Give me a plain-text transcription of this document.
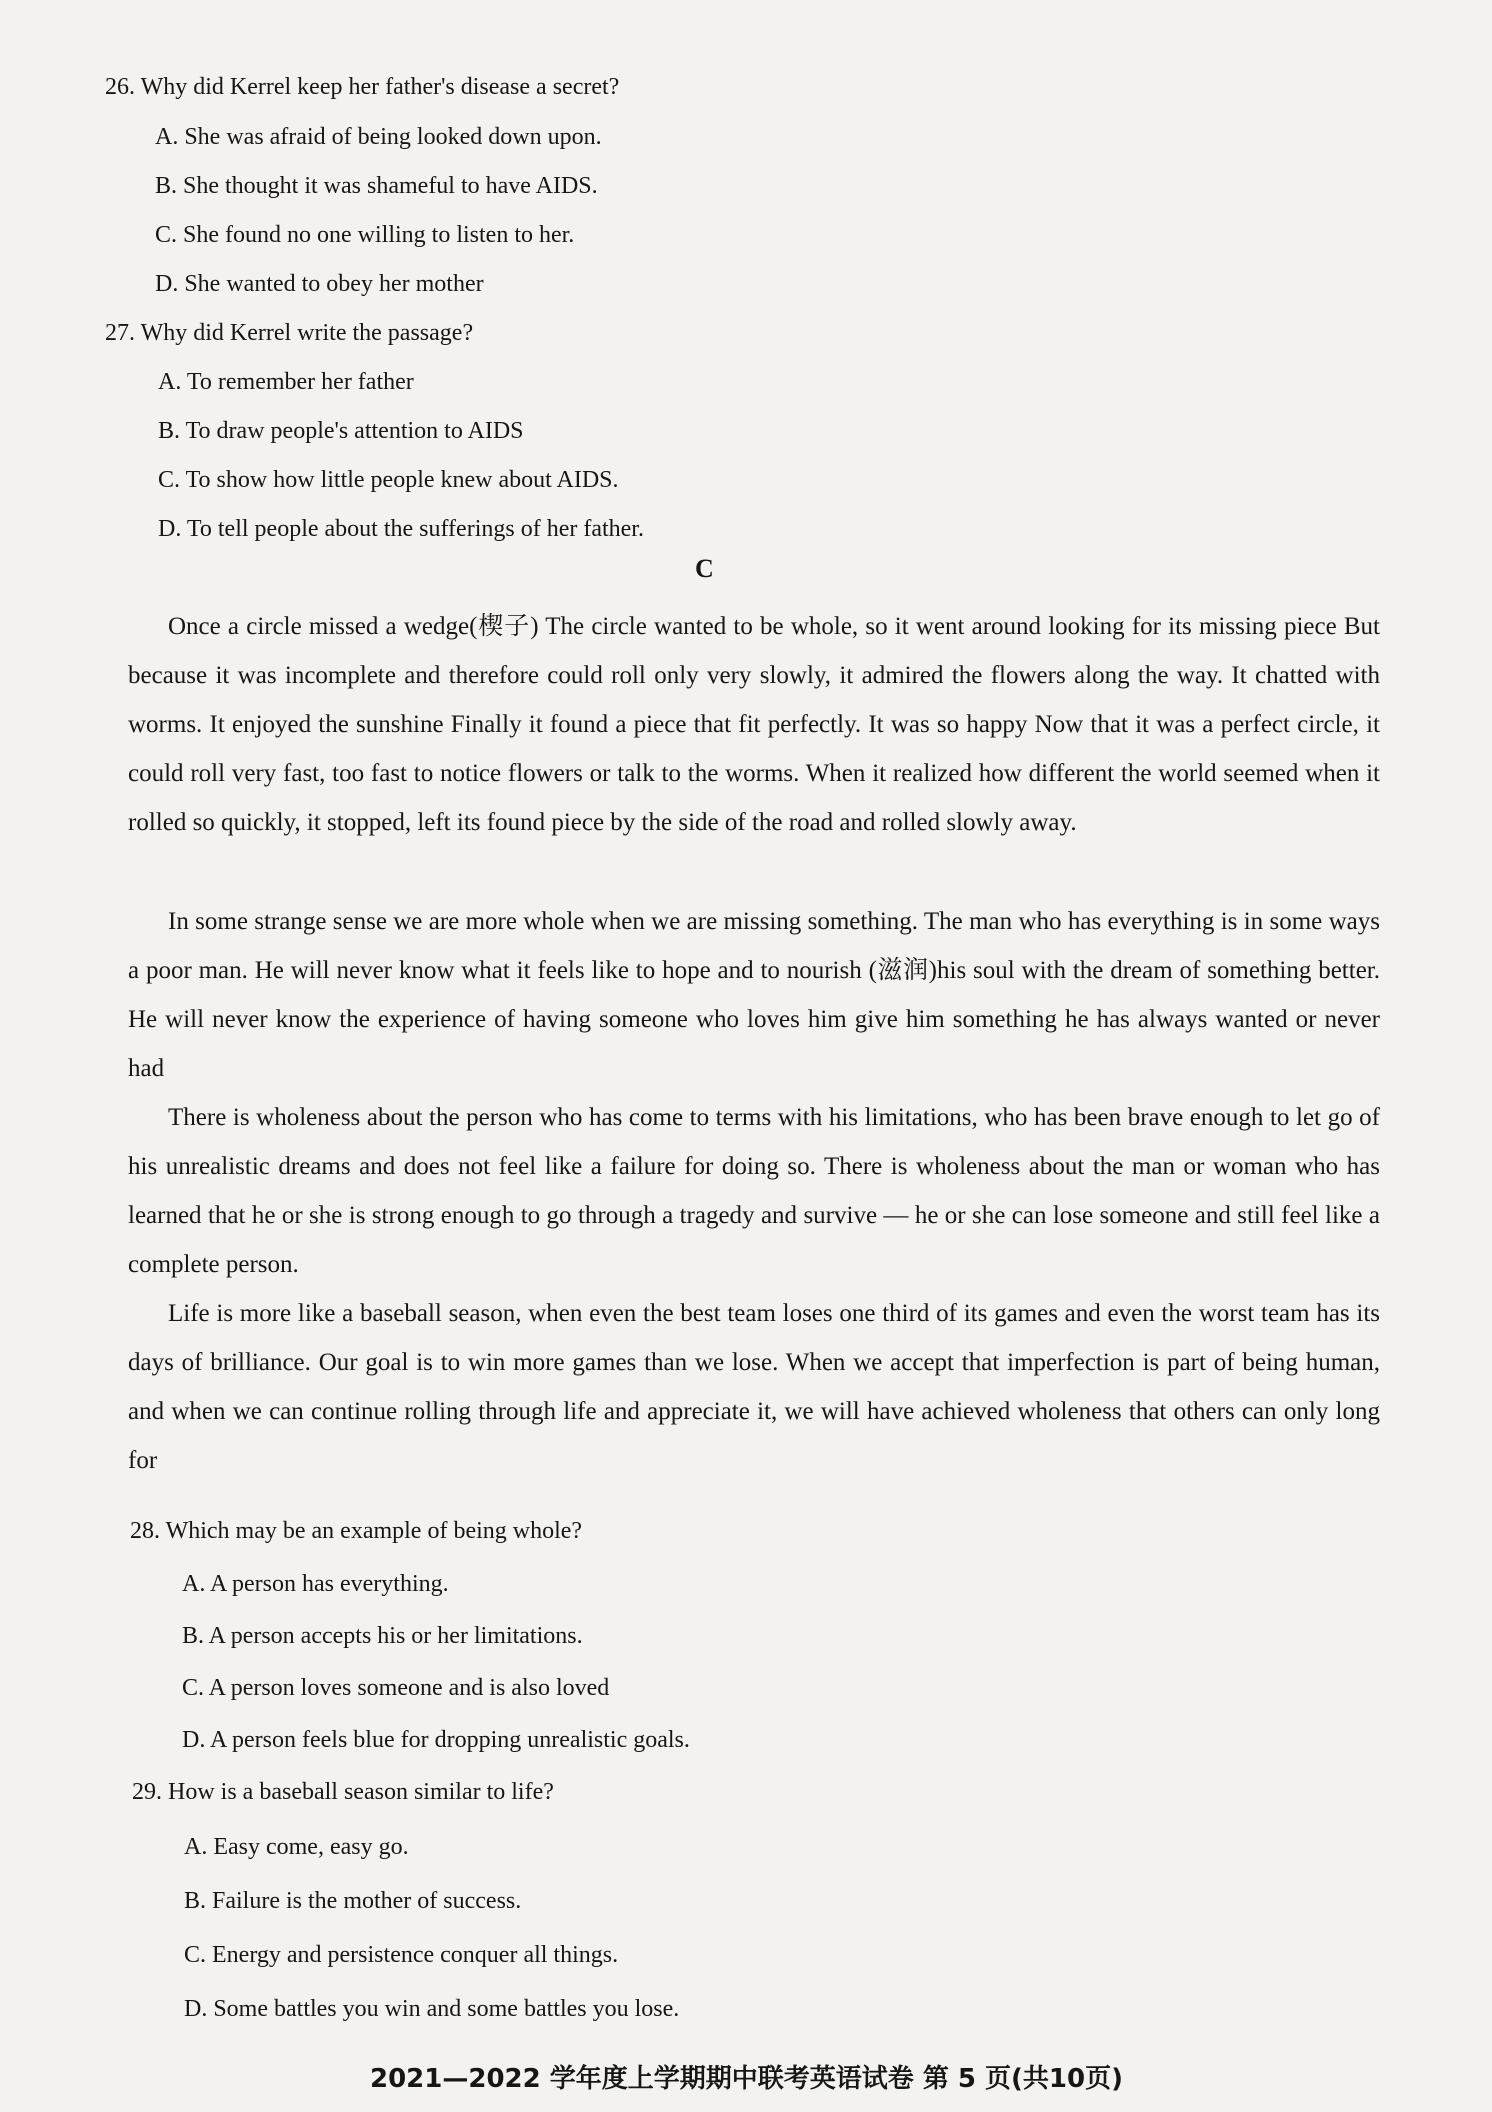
26. Why did Kerrel keep her father's disease a secret?
A. She was afraid of being looked down upon.
B. She thought it was shameful to have AIDS.
C. She found no one willing to listen to her.
D. She wanted to obey her mother
27. Why did Kerrel write the passage?
A. To remember her father
B. To draw people's attention to AIDS
C. To show how little people knew about AIDS.
D. To tell people about the sufferings of her father.
C
Once a circle missed a wedge(楔子) The circle wanted to be whole, so it went around looking for its missing piece But because it was incomplete and therefore could roll only very slowly, it admired the flowers along the way. It chatted with worms. It enjoyed the sunshine Finally it found a piece that fit perfectly. It was so happy Now that it was a perfect circle, it could roll very fast, too fast to notice flowers or talk to the worms. When it realized how different the world seemed when it rolled so quickly, it stopped, left its found piece by the side of the road and rolled slowly away.
In some strange sense we are more whole when we are missing something. The man who has everything is in some ways a poor man. He will never know what it feels like to hope and to nourish (滋润)his soul with the dream of something better. He will never know the experience of having someone who loves him give him something he has always wanted or never had
There is wholeness about the person who has come to terms with his limitations, who has been brave enough to let go of his unrealistic dreams and does not feel like a failure for doing so. There is wholeness about the man or woman who has learned that he or she is strong enough to go through a tragedy and survive — he or she can lose someone and still feel like a complete person.
Life is more like a baseball season, when even the best team loses one third of its games and even the worst team has its days of brilliance. Our goal is to win more games than we lose. When we accept that imperfection is part of being human, and when we can continue rolling through life and appreciate it, we will have achieved wholeness that others can only long for
28. Which may be an example of being whole?
A. A person has everything.
B. A person accepts his or her limitations.
C. A person loves someone and is also loved
D. A person feels blue for dropping unrealistic goals.
29. How is a baseball season similar to life?
A. Easy come, easy go.
B. Failure is the mother of success.
C. Energy and persistence conquer all things.
D. Some battles you win and some battles you lose.
2021—2022 学年度上学期期中联考英语试卷 第 5 页(共10页)
